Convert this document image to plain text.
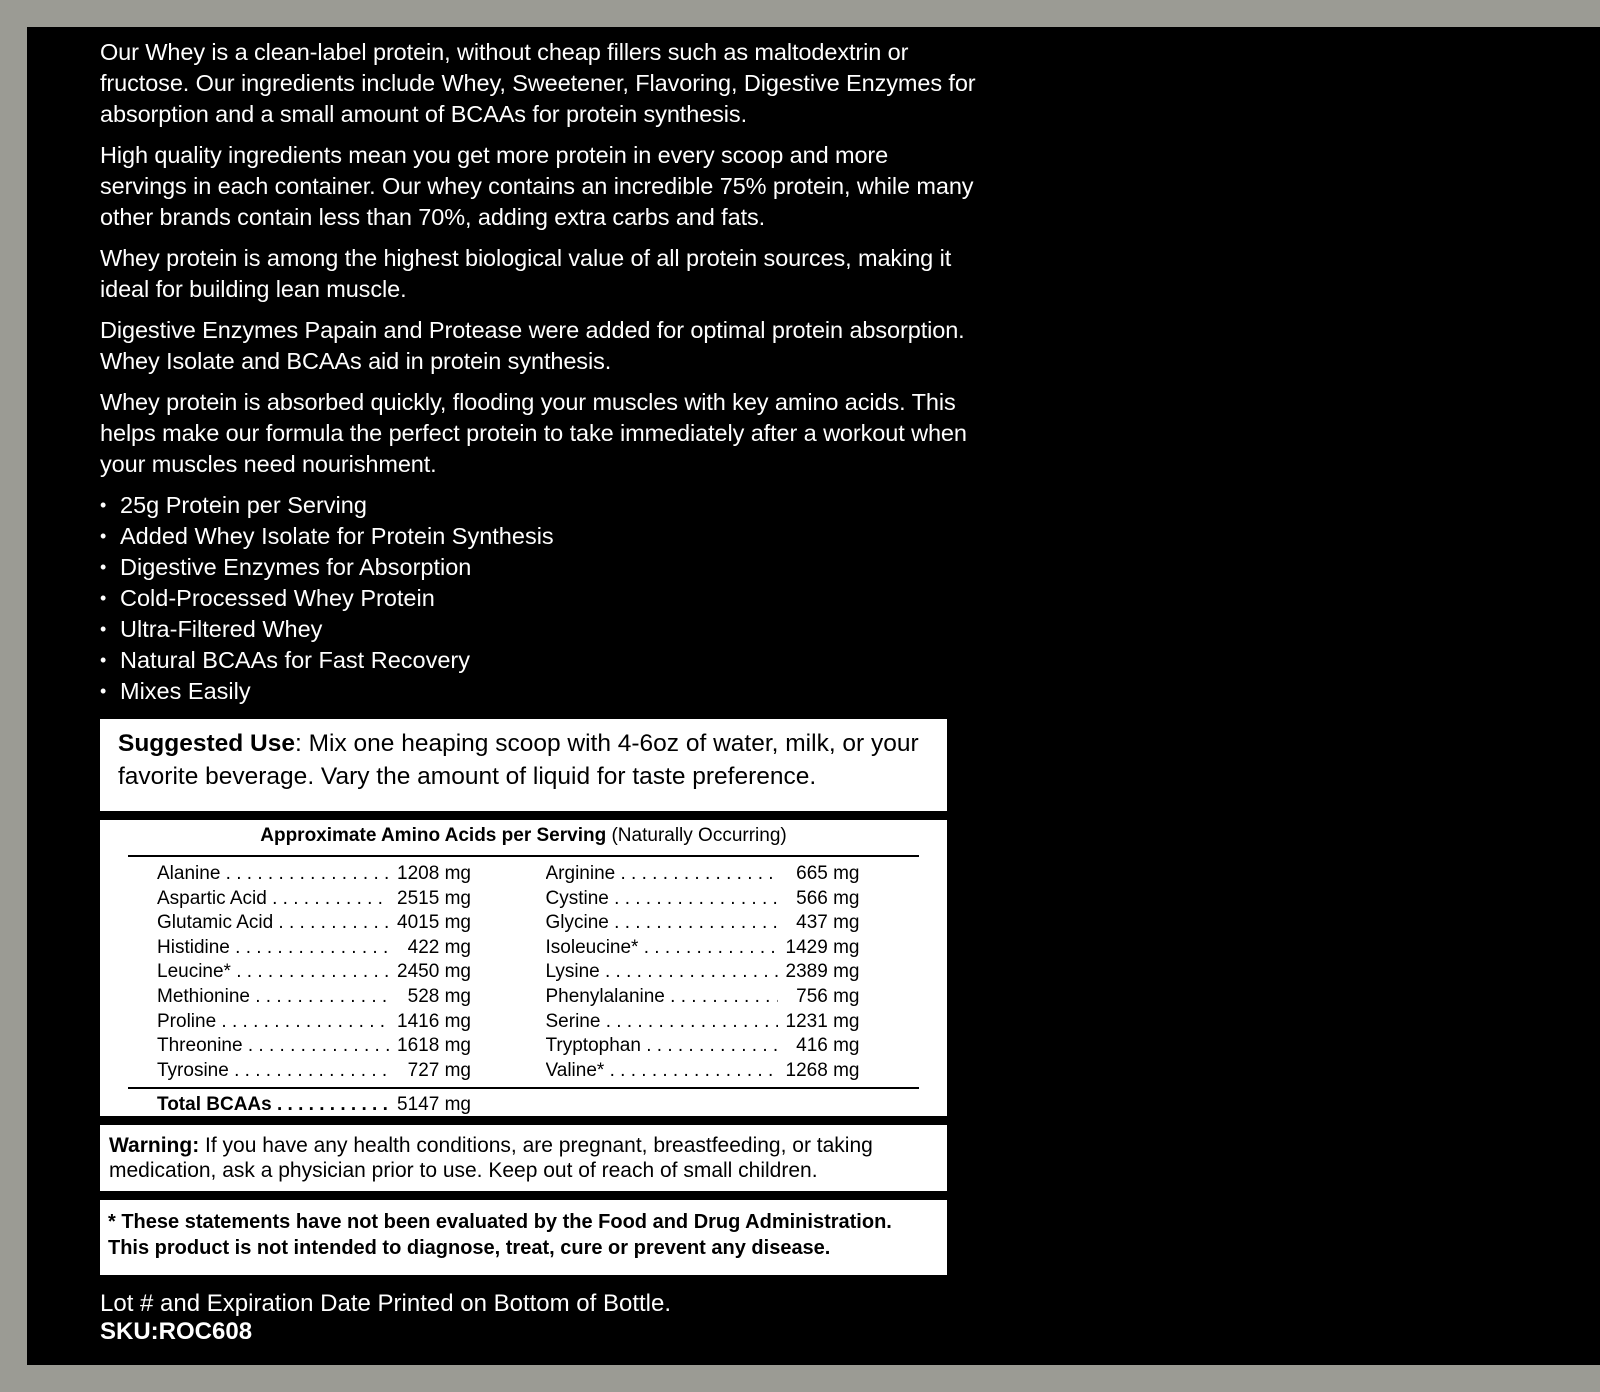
Our Whey is a clean-label protein, without cheap fillers such as maltodextrin or fructose. Our ingredients include Whey, Sweetener, Flavoring, Digestive Enzymes for absorption and a small amount of BCAAs for protein synthesis.

High quality ingredients mean you get more protein in every scoop and more servings in each container. Our whey contains an incredible 75% protein, while many other brands contain less than 70%, adding extra carbs and fats.

Whey protein is among the highest biological value of all protein sources, making it ideal for building lean muscle.

Digestive Enzymes Papain and Protease were added for optimal protein absorption. Whey Isolate and BCAAs aid in protein synthesis.

Whey protein is absorbed quickly, flooding your muscles with key amino acids. This helps make our formula the perfect protein to take immediately after a workout when your muscles need nourishment.

• 25g Protein per Serving
• Added Whey Isolate for Protein Synthesis
• Digestive Enzymes for Absorption
• Cold-Processed Whey Protein
• Ultra-Filtered Whey
• Natural BCAAs for Fast Recovery
• Mixes Easily
Suggested Use: Mix one heaping scoop with 4-6oz of water, milk, or your favorite beverage. Vary the amount of liquid for taste preference.
Approximate Amino Acids per Serving (Naturally Occurring)
Alanine . . .	1208 mg
Aspartic Acid . . .	2515 mg
Glutamic Acid . . .	4015 mg
Histidine . . .	422 mg
Leucine* . . .	2450 mg
Methionine . . .	528 mg
Proline . . .	1416 mg
Threonine . . .	1618 mg
Tyrosine . . .	727 mg
Arginine . . .	665 mg
Cystine . . .	566 mg
Glycine . . .	437 mg
Isoleucine* . . .	1429 mg
Lysine . . .	2389 mg
Phenylalanine . . .	756 mg
Serine . . .	1231 mg
Tryptophan . . .	416 mg
Valine* . . .	1268 mg
Total BCAAs . . .	5147 mg
Warning: If you have any health conditions, are pregnant, breastfeeding, or taking medication, ask a physician prior to use. Keep out of reach of small children.
* These statements have not been evaluated by the Food and Drug Administration.
This product is not intended to diagnose, treat, cure or prevent any disease.
Lot # and Expiration Date Printed on Bottom of Bottle.
SKU:ROC608
